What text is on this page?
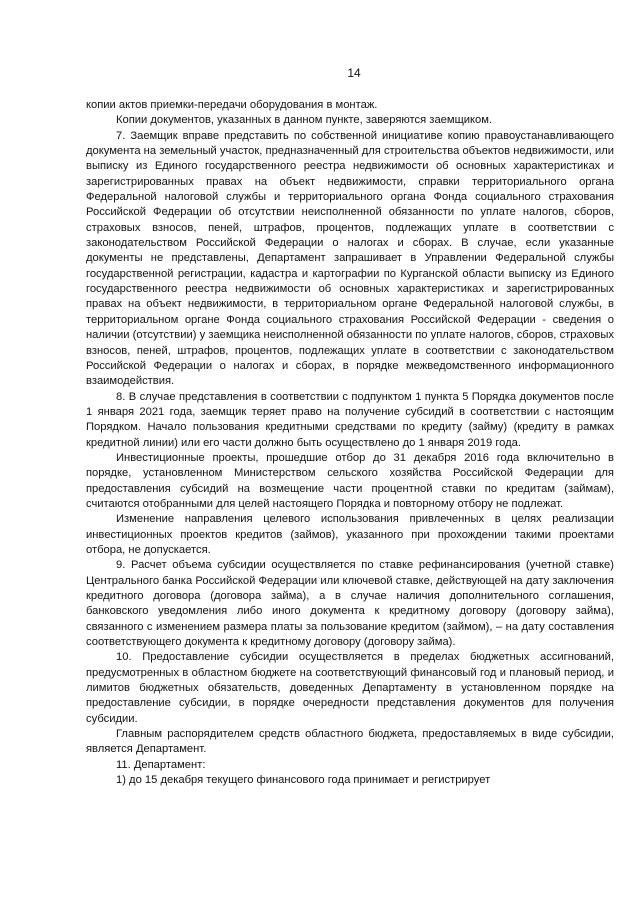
14

копии актов приемки-передачи оборудования в монтаж.

Копии документов, указанных в данном пункте, заверяются заемщиком.

7. Заемщик вправе представить по собственной инициативе копию правоустанавливающего документа на земельный участок, предназначенный для строительства объектов недвижимости, или выписку из Единого государственного реестра недвижимости об основных характеристиках и зарегистрированных правах на объект недвижимости, справки территориального органа Федеральной налоговой службы и территориального органа Фонда социального страхования Российской Федерации об отсутствии неисполненной обязанности по уплате налогов, сборов, страховых взносов, пеней, штрафов, процентов, подлежащих уплате в соответствии с законодательством Российской Федерации о налогах и сборах. В случае, если указанные документы не представлены, Департамент запрашивает в Управлении Федеральной службы государственной регистрации, кадастра и картографии по Курганской области выписку из Единого государственного реестра недвижимости об основных характеристиках и зарегистрированных правах на объект недвижимости, в территориальном органе Федеральной налоговой службы, в территориальном органе Фонда социального страхования Российской Федерации - сведения о наличии (отсутствии) у заемщика неисполненной обязанности по уплате налогов, сборов, страховых взносов, пеней, штрафов, процентов, подлежащих уплате в соответствии с законодательством Российской Федерации о налогах и сборах, в порядке межведомственного информационного взаимодействия.

8. В случае представления в соответствии с подпунктом 1 пункта 5 Порядка документов после 1 января 2021 года, заемщик теряет право на получение субсидий в соответствии с настоящим Порядком. Начало пользования кредитными средствами по кредиту (займу) (кредиту в рамках кредитной линии) или его части должно быть осуществлено до 1 января 2019 года.

Инвестиционные проекты, прошедшие отбор до 31 декабря 2016 года включительно в порядке, установленном Министерством сельского хозяйства Российской Федерации для предоставления субсидий на возмещение части процентной ставки по кредитам (займам), считаются отобранными для целей настоящего Порядка и повторному отбору не подлежат.

Изменение направления целевого использования привлеченных в целях реализации инвестиционных проектов кредитов (займов), указанного при прохождении такими проектами отбора, не допускается.

9. Расчет объема субсидии осуществляется по ставке рефинансирования (учетной ставке) Центрального банка Российской Федерации или ключевой ставке, действующей на дату заключения кредитного договора (договора займа), а в случае наличия дополнительного соглашения, банковского уведомления либо иного документа к кредитному договору (договору займа), связанного с изменением размера платы за пользование кредитом (займом), – на дату составления соответствующего документа к кредитному договору (договору займа).

10. Предоставление субсидии осуществляется в пределах бюджетных ассигнований, предусмотренных в областном бюджете на соответствующий финансовый год и плановый период, и лимитов бюджетных обязательств, доведенных Департаменту в установленном порядке на предоставление субсидии, в порядке очередности представления документов для получения субсидии.

Главным распорядителем средств областного бюджета, предоставляемых в виде субсидии, является Департамент.

11. Департамент:

1) до 15 декабря текущего финансового года принимает и регистрирует
